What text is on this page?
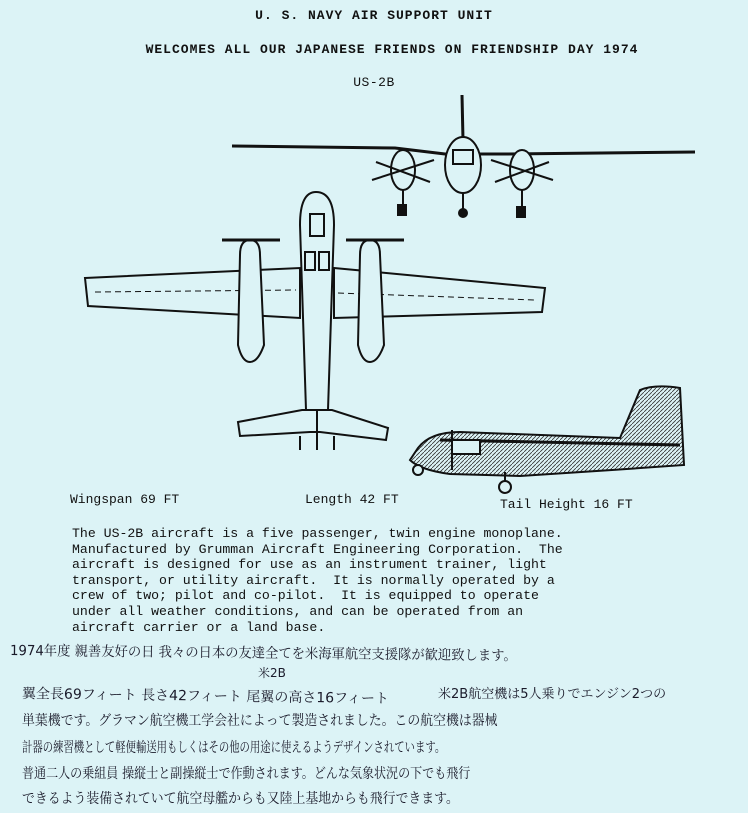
U. S. NAVY AIR SUPPORT UNIT
WELCOMES ALL OUR JAPANESE FRIENDS ON FRIENDSHIP DAY 1974
US-2B
Wingspan 69 FT	Length 42 FT	Tail Height 16 FT
The US-2B aircraft is a five passenger, twin engine monoplane.
Manufactured by Grumman Aircraft Engineering Corporation.  The
aircraft is designed for use as an instrument trainer, light
transport, or utility aircraft.  It is normally operated by a
crew of two; pilot and co-pilot.  It is equipped to operate
under all weather conditions, and can be operated from an
aircraft carrier or a land base.
1974年度 親善友好の日 我々の日本の友達全てを米海軍航空支援隊が歓迎致します。
米2B
翼全長69フィート 長さ42フィート 尾翼の高さ16フィート	米2B航空機は5人乗りでエンジン2つの
単葉機です。グラマン航空機工学会社によって製造されました。この航空機は器械
計器の練習機として軽便輸送用もしくはその他の用途に使えるようデザインされています。
普通二人の乗組員 操縦士と副操縦士で作動されます。どんな気象状況の下でも飛行
できるよう装備されていて航空母艦からも又陸上基地からも飛行できます。
